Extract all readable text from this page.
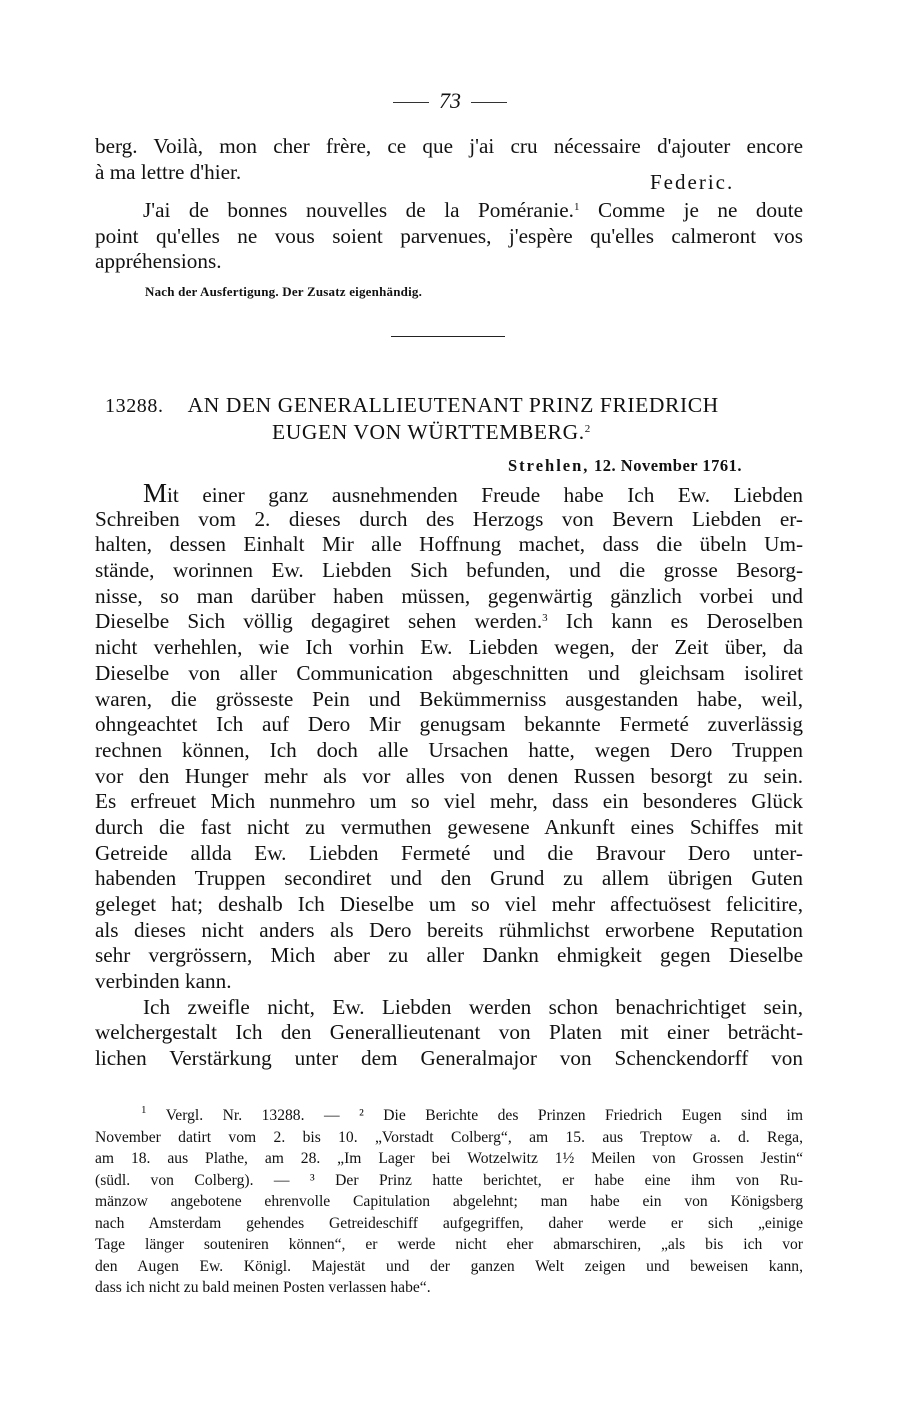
73
berg. Voilà, mon cher frère, ce que j'ai cru nécessaire d'ajouter encore
à ma lettre d'hier.	Federic.
J'ai de bonnes nouvelles de la Poméranie.$^1$ Comme je ne doute
point qu'elles ne vous soient parvenues, j'espère qu'elles calmeront vos
appréhensions.
Nach der Ausfertigung. Der Zusatz eigenhändig.
13288. AN DEN GENERALLIEUTENANT PRINZ FRIEDRICH
EUGEN VON WÜRTTEMBERG.$^2$
Strehlen, 12. November 1761.
Mit einer ganz ausnehmenden Freude habe Ich Ew. Liebden
Schreiben vom 2. dieses durch des Herzogs von Bevern Liebden er-
halten, dessen Einhalt Mir alle Hoffnung machet, dass die übeln Um-
stände, worinnen Ew. Liebden Sich befunden, und die grosse Besorg-
nisse, so man darüber haben müssen, gegenwärtig gänzlich vorbei und
Dieselbe Sich völlig degagiret sehen werden.$^3$ Ich kann es Deroselben
nicht verhehlen, wie Ich vorhin Ew. Liebden wegen, der Zeit über, da
Dieselbe von aller Communication abgeschnitten und gleichsam isoliret
waren, die grösseste Pein und Bekümmerniss ausgestanden habe, weil,
ohngeachtet Ich auf Dero Mir genugsam bekannte Fermeté zuverlässig
rechnen können, Ich doch alle Ursachen hatte, wegen Dero Truppen
vor den Hunger mehr als vor alles von denen Russen besorgt zu sein.
Es erfreuet Mich nunmehro um so viel mehr, dass ein besonderes Glück
durch die fast nicht zu vermuthen gewesene Ankunft eines Schiffes mit
Getreide allda Ew. Liebden Fermeté und die Bravour Dero unter-
habenden Truppen secondiret und den Grund zu allem übrigen Guten
geleget hat; deshalb Ich Dieselbe um so viel mehr affectuösest felicitire,
als dieses nicht anders als Dero bereits rühmlichst erworbene Reputation
sehr vergrössern, Mich aber zu aller Dankn ehmigkeit gegen Dieselbe
verbinden kann.
Ich zweifle nicht, Ew. Liebden werden schon benachrichtiget sein,
welchergestalt Ich den Generallieutenant von Platen mit einer beträcht-
lichen Verstärkung unter dem Generalmajor von Schenckendorff von
$^1$ Vergl. Nr. 13288. — ² Die Berichte des Prinzen Friedrich Eugen sind im
November datirt vom 2. bis 10. „Vorstadt Colberg“, am 15. aus Treptow a. d. Rega,
am 18. aus Plathe, am 28. „Im Lager bei Wotzelwitz 1½ Meilen von Grossen Jestin“
(südl. von Colberg). — ³ Der Prinz hatte berichtet, er habe eine ihm von Ru-
mänzow angebotene ehrenvolle Capitulation abgelehnt; man habe ein von Königsberg
nach Amsterdam gehendes Getreideschiff aufgegriffen, daher werde er sich „einige
Tage länger souteniren können“, er werde nicht eher abmarschiren, „als bis ich vor
den Augen Ew. Königl. Majestät und der ganzen Welt zeigen und beweisen kann,
dass ich nicht zu bald meinen Posten verlassen habe“.
